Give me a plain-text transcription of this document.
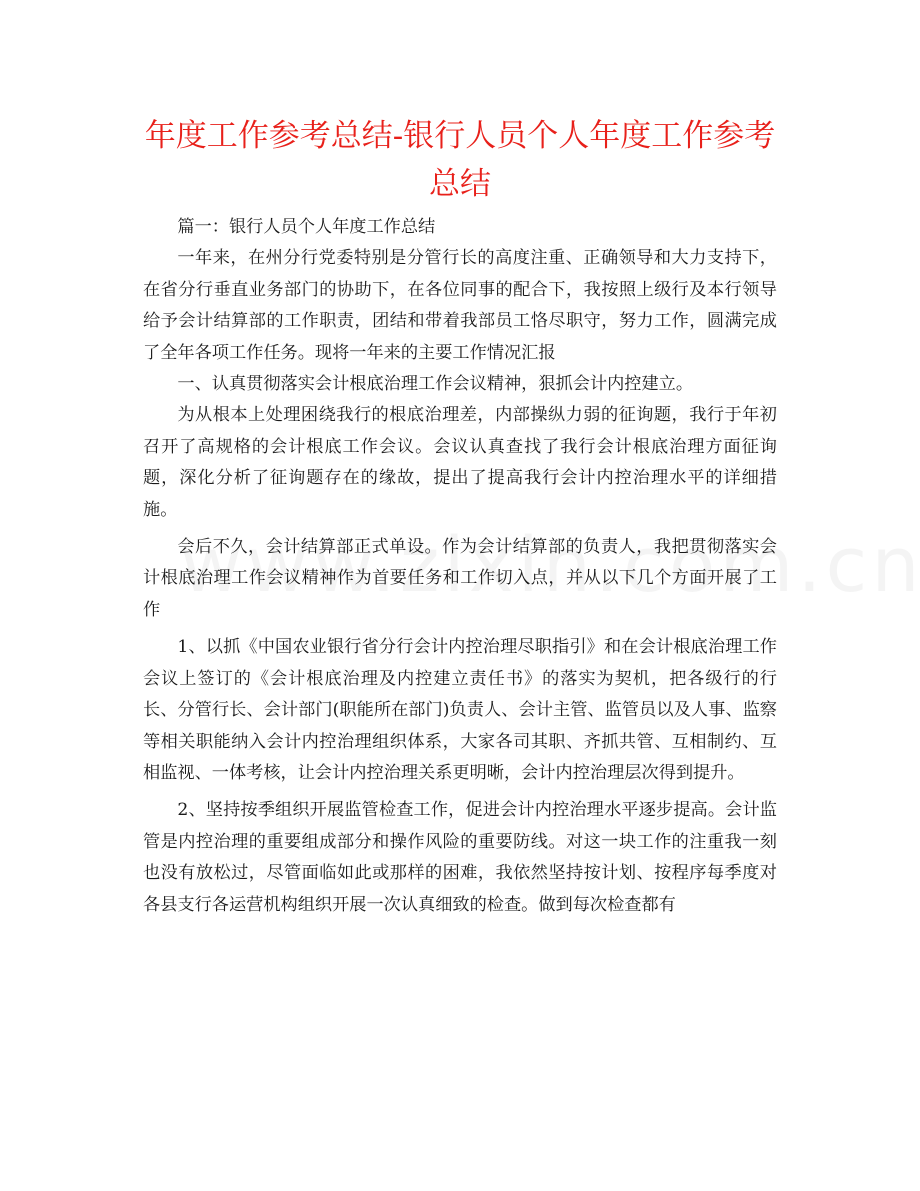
年度工作参考总结-银行人员个人年度工作参考总结

篇一：银行人员个人年度工作总结

一年来，在州分行党委特别是分管行长的高度注重、正确领导和大力支持下，在省分行垂直业务部门的协助下，在各位同事的配合下，我按照上级行及本行领导给予会计结算部的工作职责，团结和带着我部员工恪尽职守，努力工作，圆满完成了全年各项工作任务。现将一年来的主要工作情况汇报

一、认真贯彻落实会计根底治理工作会议精神，狠抓会计内控建立。

为从根本上处理困绕我行的根底治理差，内部操纵力弱的征询题，我行于年初召开了高规格的会计根底工作会议。会议认真查找了我行会计根底治理方面征询题，深化分析了征询题存在的缘故，提出了提高我行会计内控治理水平的详细措施。

会后不久，会计结算部正式单设。作为会计结算部的负责人，我把贯彻落实会计根底治理工作会议精神作为首要任务和工作切入点，并从以下几个方面开展了工作

1、以抓《中国农业银行省分行会计内控治理尽职指引》和在会计根底治理工作会议上签订的《会计根底治理及内控建立责任书》的落实为契机，把各级行的行长、分管行长、会计部门(职能所在部门)负责人、会计主管、监管员以及人事、监察等相关职能纳入会计内控治理组织体系，大家各司其职、齐抓共管、互相制约、互相监视、一体考核，让会计内控治理关系更明晰，会计内控治理层次得到提升。

2、坚持按季组织开展监管检查工作，促进会计内控治理水平逐步提高。会计监管是内控治理的重要组成部分和操作风险的重要防线。对这一块工作的注重我一刻也没有放松过，尽管面临如此或那样的困难，我依然坚持按计划、按程序每季度对各县支行各运营机构组织开展一次认真细致的检查。做到每次检查都有
